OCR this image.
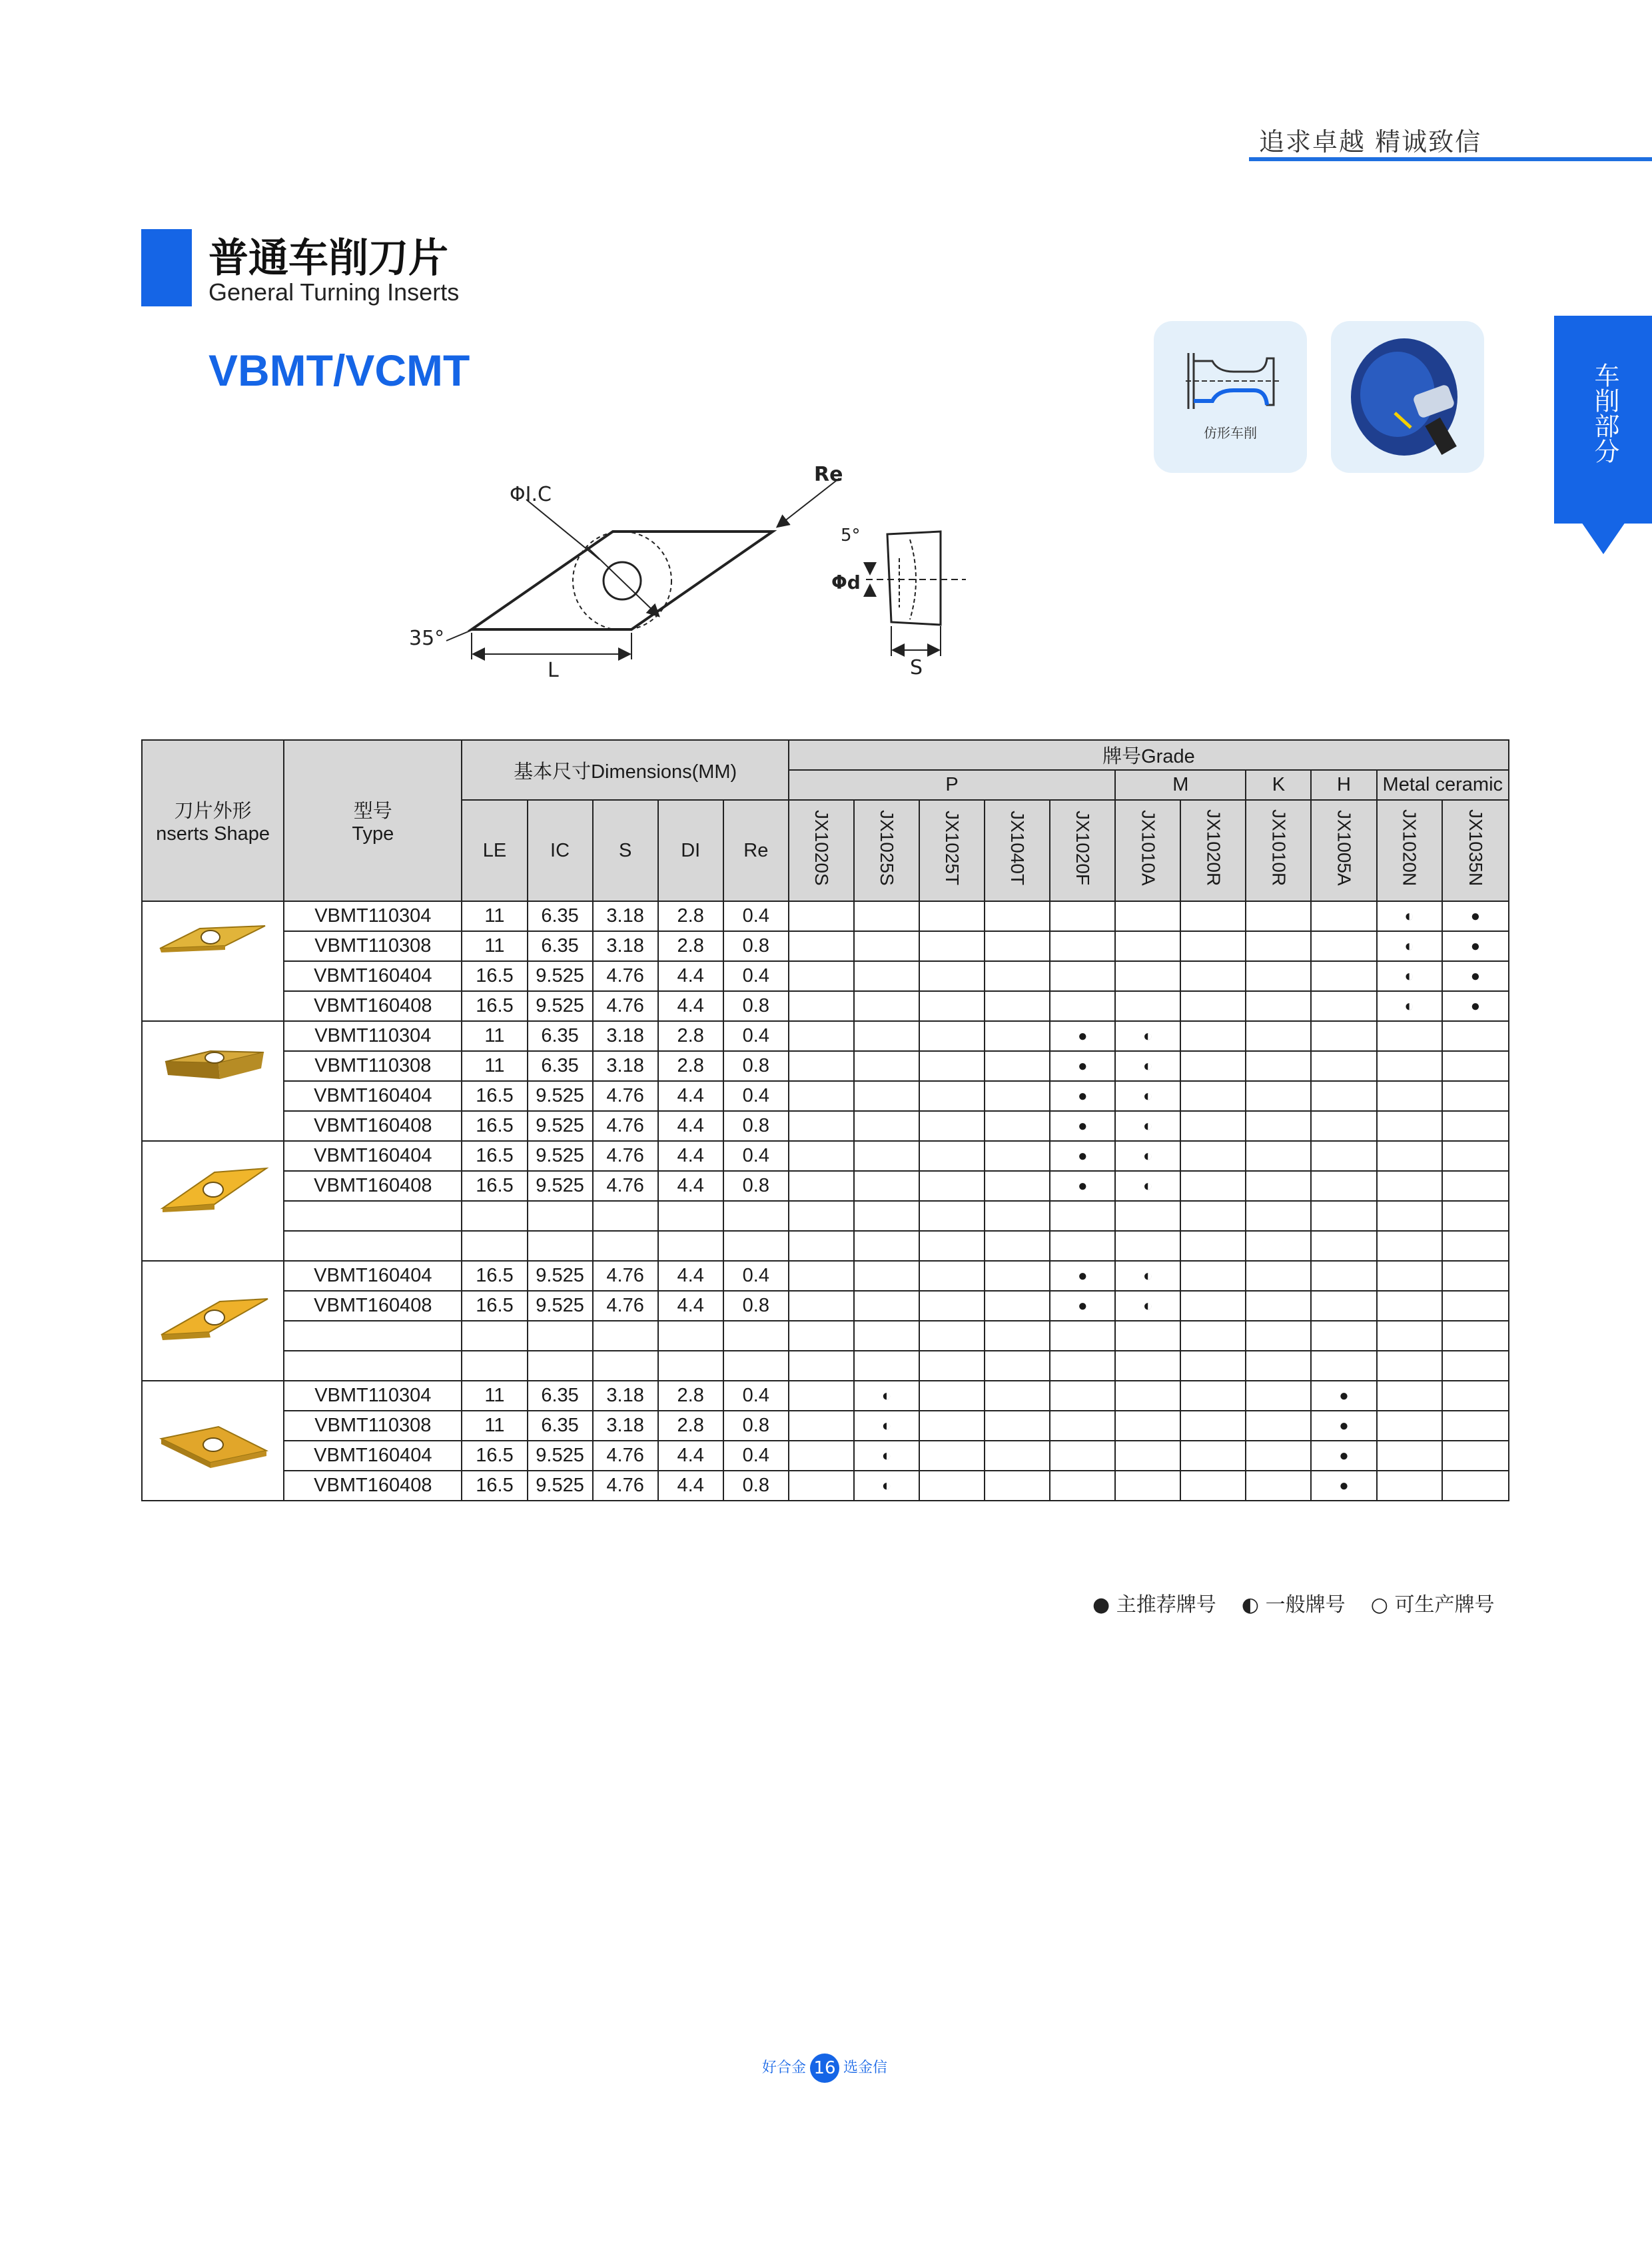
追求卓越 精诚致信
普通车削刀片
General Turning Inserts
VBMT/VCMT
仿形车削	车削部分
ΦI.C
Re
35°
L
5°
Φd
S
刀片外形
nserts Shape	型号
Type	基本尺寸Dimensions(MM)					牌号Grade										
							P					M		K	H	Metal ceramic	
		LE	IC	S	DI	Re	JX1020S	JX1025S	JX1025T	JX1040T	JX1020F	JX1010A	JX1020R	JX1010R	JX1005A	JX1020N	JX1035N
	VBMT110304	11	6.35	3.18	2.8	0.4										◐	●
	VBMT110308	11	6.35	3.18	2.8	0.8										◐	●
	VBMT160404	16.5	9.525	4.76	4.4	0.4										◐	●
	VBMT160408	16.5	9.525	4.76	4.4	0.8										◐	●
	VBMT110304	11	6.35	3.18	2.8	0.4					●	◐					
	VBMT110308	11	6.35	3.18	2.8	0.8					●	◐					
	VBMT160404	16.5	9.525	4.76	4.4	0.4					●	◐					
	VBMT160408	16.5	9.525	4.76	4.4	0.8					●	◐					
	VBMT160404	16.5	9.525	4.76	4.4	0.4					●	◐					
	VBMT160408	16.5	9.525	4.76	4.4	0.8					●	◐					

	VBMT160404	16.5	9.525	4.76	4.4	0.4					●	◐					
	VBMT160408	16.5	9.525	4.76	4.4	0.8					●	◐					

	VBMT110304	11	6.35	3.18	2.8	0.4		◐							●		
	VBMT110308	11	6.35	3.18	2.8	0.8		◐							●		
	VBMT160404	16.5	9.525	4.76	4.4	0.4		◐							●		
	VBMT160408	16.5	9.525	4.76	4.4	0.8		◐							●		
● 主推荐牌号 ◐ 一般牌号 ○ 可生产牌号
好合金 16 选金信
